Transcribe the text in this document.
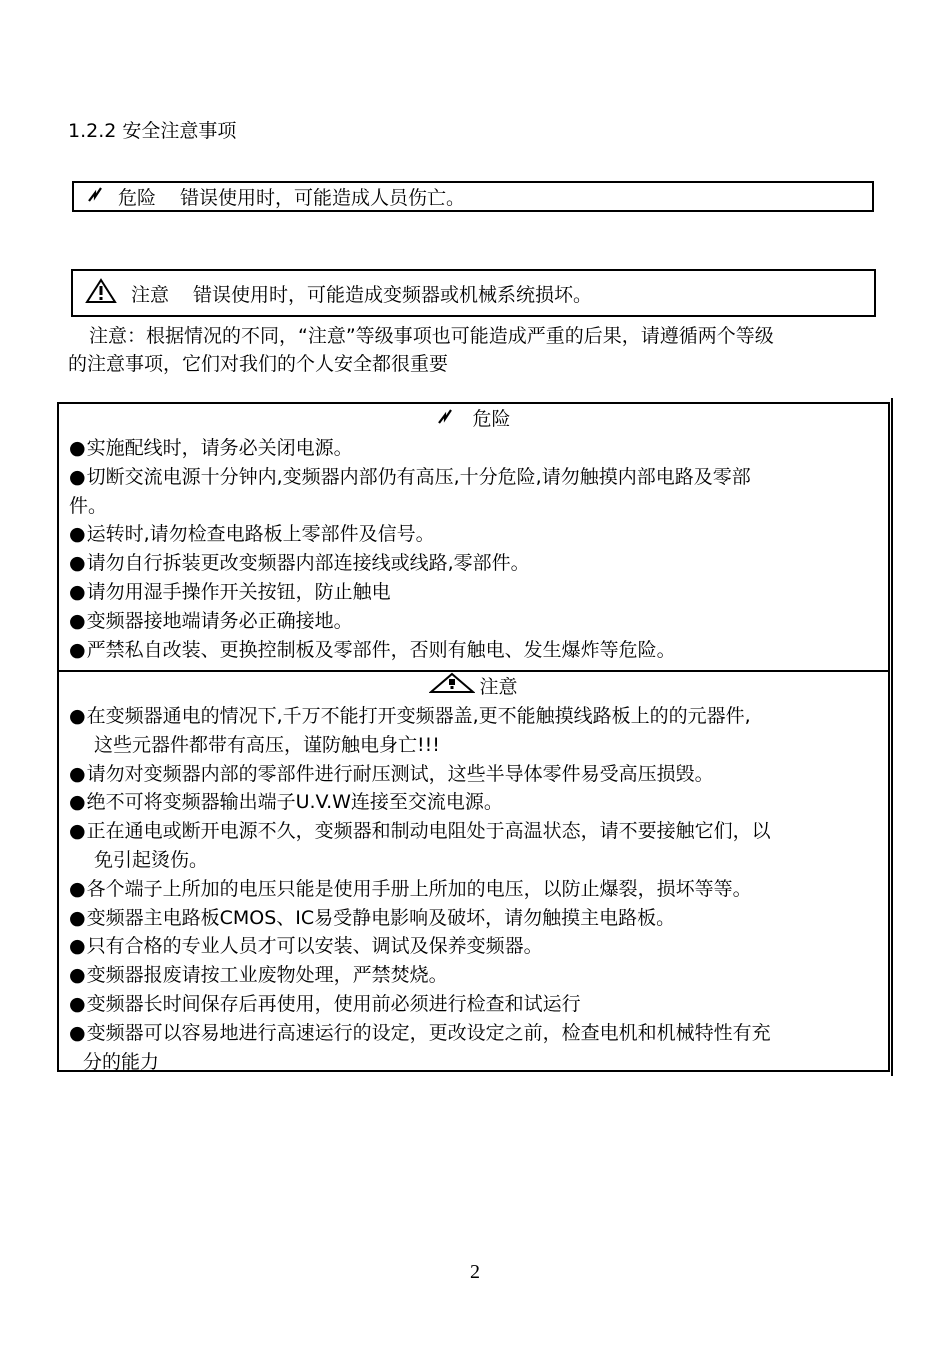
1.2.2 安全注意事项
危险 错误使用时，可能造成人员伤亡。
注意 错误使用时，可能造成变频器或机械系统损坏。

注意：根据情况的不同，“注意”等级事项也可能造成严重的后果，请遵循两个等级

的注意事项，它们对我们的个人安全都很重要

危险
●实施配线时，请务必关闭电源。
●切断交流电源十分钟内,变频器内部仍有高压,十分危险,请勿触摸内部电路及零部
件。
●运转时,请勿检查电路板上零部件及信号。
●请勿自行拆装更改变频器内部连接线或线路,零部件。
●请勿用湿手操作开关按钮，防止触电
●变频器接地端请务必正确接地。
●严禁私自改装、更换控制板及零部件，否则有触电、发生爆炸等危险。
注意
●在变频器通电的情况下,千万不能打开变频器盖,更不能触摸线路板上的的元器件,
这些元器件都带有高压，谨防触电身亡!!!
●请勿对变频器内部的零部件进行耐压测试，这些半导体零件易受高压损毁。
●绝不可将变频器输出端子U.V.W连接至交流电源。
●正在通电或断开电源不久，变频器和制动电阻处于高温状态，请不要接触它们，以
免引起烫伤。
●各个端子上所加的电压只能是使用手册上所加的电压，以防止爆裂，损坏等等。
●变频器主电路板CMOS、IC易受静电影响及破坏，请勿触摸主电路板。
●只有合格的专业人员才可以安装、调试及保养变频器。
●变频器报废请按工业废物处理，严禁焚烧。
●变频器长时间保存后再使用，使用前必须进行检查和试运行
●变频器可以容易地进行高速运行的设定，更改设定之前，检查电机和机械特性有充
分的能力
2
